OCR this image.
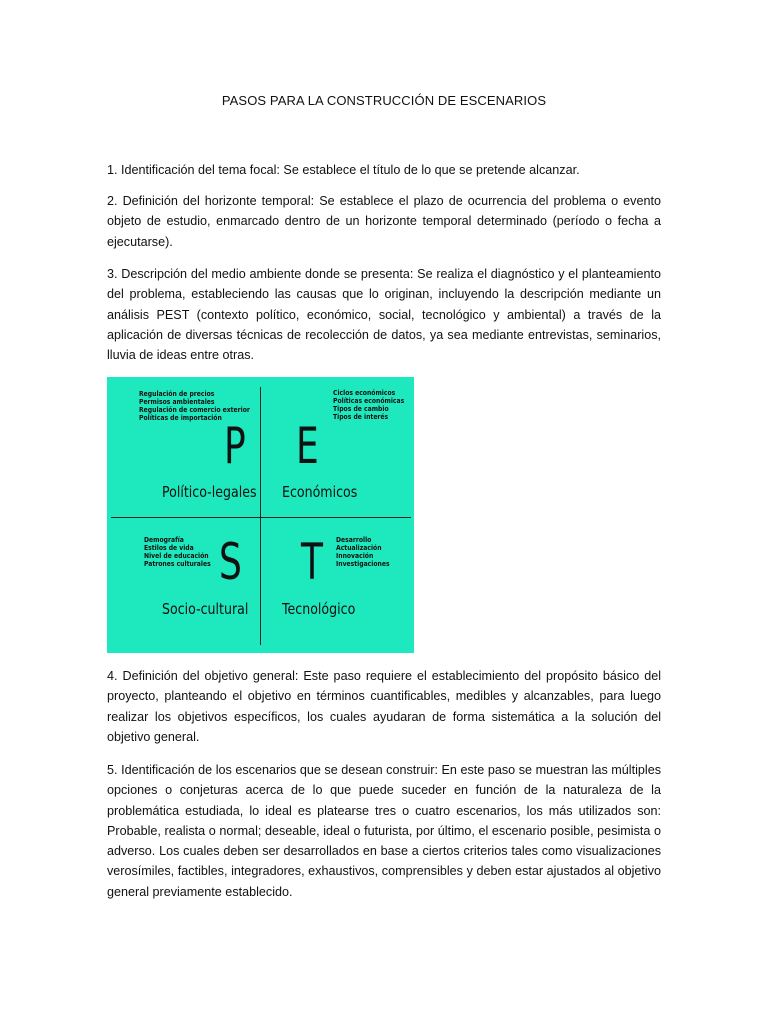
PASOS PARA LA CONSTRUCCIÓN DE ESCENARIOS
1. Identificación del tema focal: Se establece el título de lo que se pretende alcanzar.
2. Definición del horizonte temporal: Se establece el plazo de ocurrencia del problema o evento objeto de estudio, enmarcado dentro de un horizonte temporal determinado (período o fecha a ejecutarse).
3. Descripción del medio ambiente donde se presenta: Se realiza el diagnóstico y el planteamiento del problema, estableciendo las causas que lo originan, incluyendo la descripción mediante un análisis PEST (contexto político, económico, social, tecnológico y ambiental) a través de la aplicación de diversas técnicas de recolección de datos, ya sea mediante entrevistas, seminarios, lluvia de ideas entre otras.
Regulación de precios
Permisos ambientales
Regulación de comercio exterior
Políticas de importación
Ciclos económicos
Políticas económicas
Tipos de cambio
Tipos de interés
Demografía
Estilos de vida
Nivel de educación
Patrones culturales
Desarrollo
Actualización
Innovación
Investigaciones
P E
S T
Político-legales Económicos
Socio-cultural Tecnológico
4. Definición del objetivo general: Este paso requiere el establecimiento del propósito básico del proyecto, planteando el objetivo en términos cuantificables, medibles y alcanzables, para luego realizar los objetivos específicos, los cuales ayudaran de forma sistemática a la solución del objetivo general.
5. Identificación de los escenarios que se desean construir: En este paso se muestran las múltiples opciones o conjeturas acerca de lo que puede suceder en función de la naturaleza de la problemática estudiada, lo ideal es platearse tres o cuatro escenarios, los más utilizados son: Probable, realista o normal; deseable, ideal o futurista, por último, el escenario posible, pesimista o adverso. Los cuales deben ser desarrollados en base a ciertos criterios tales como visualizaciones verosímiles, factibles, integradores, exhaustivos, comprensibles y deben estar ajustados al objetivo general previamente establecido.
